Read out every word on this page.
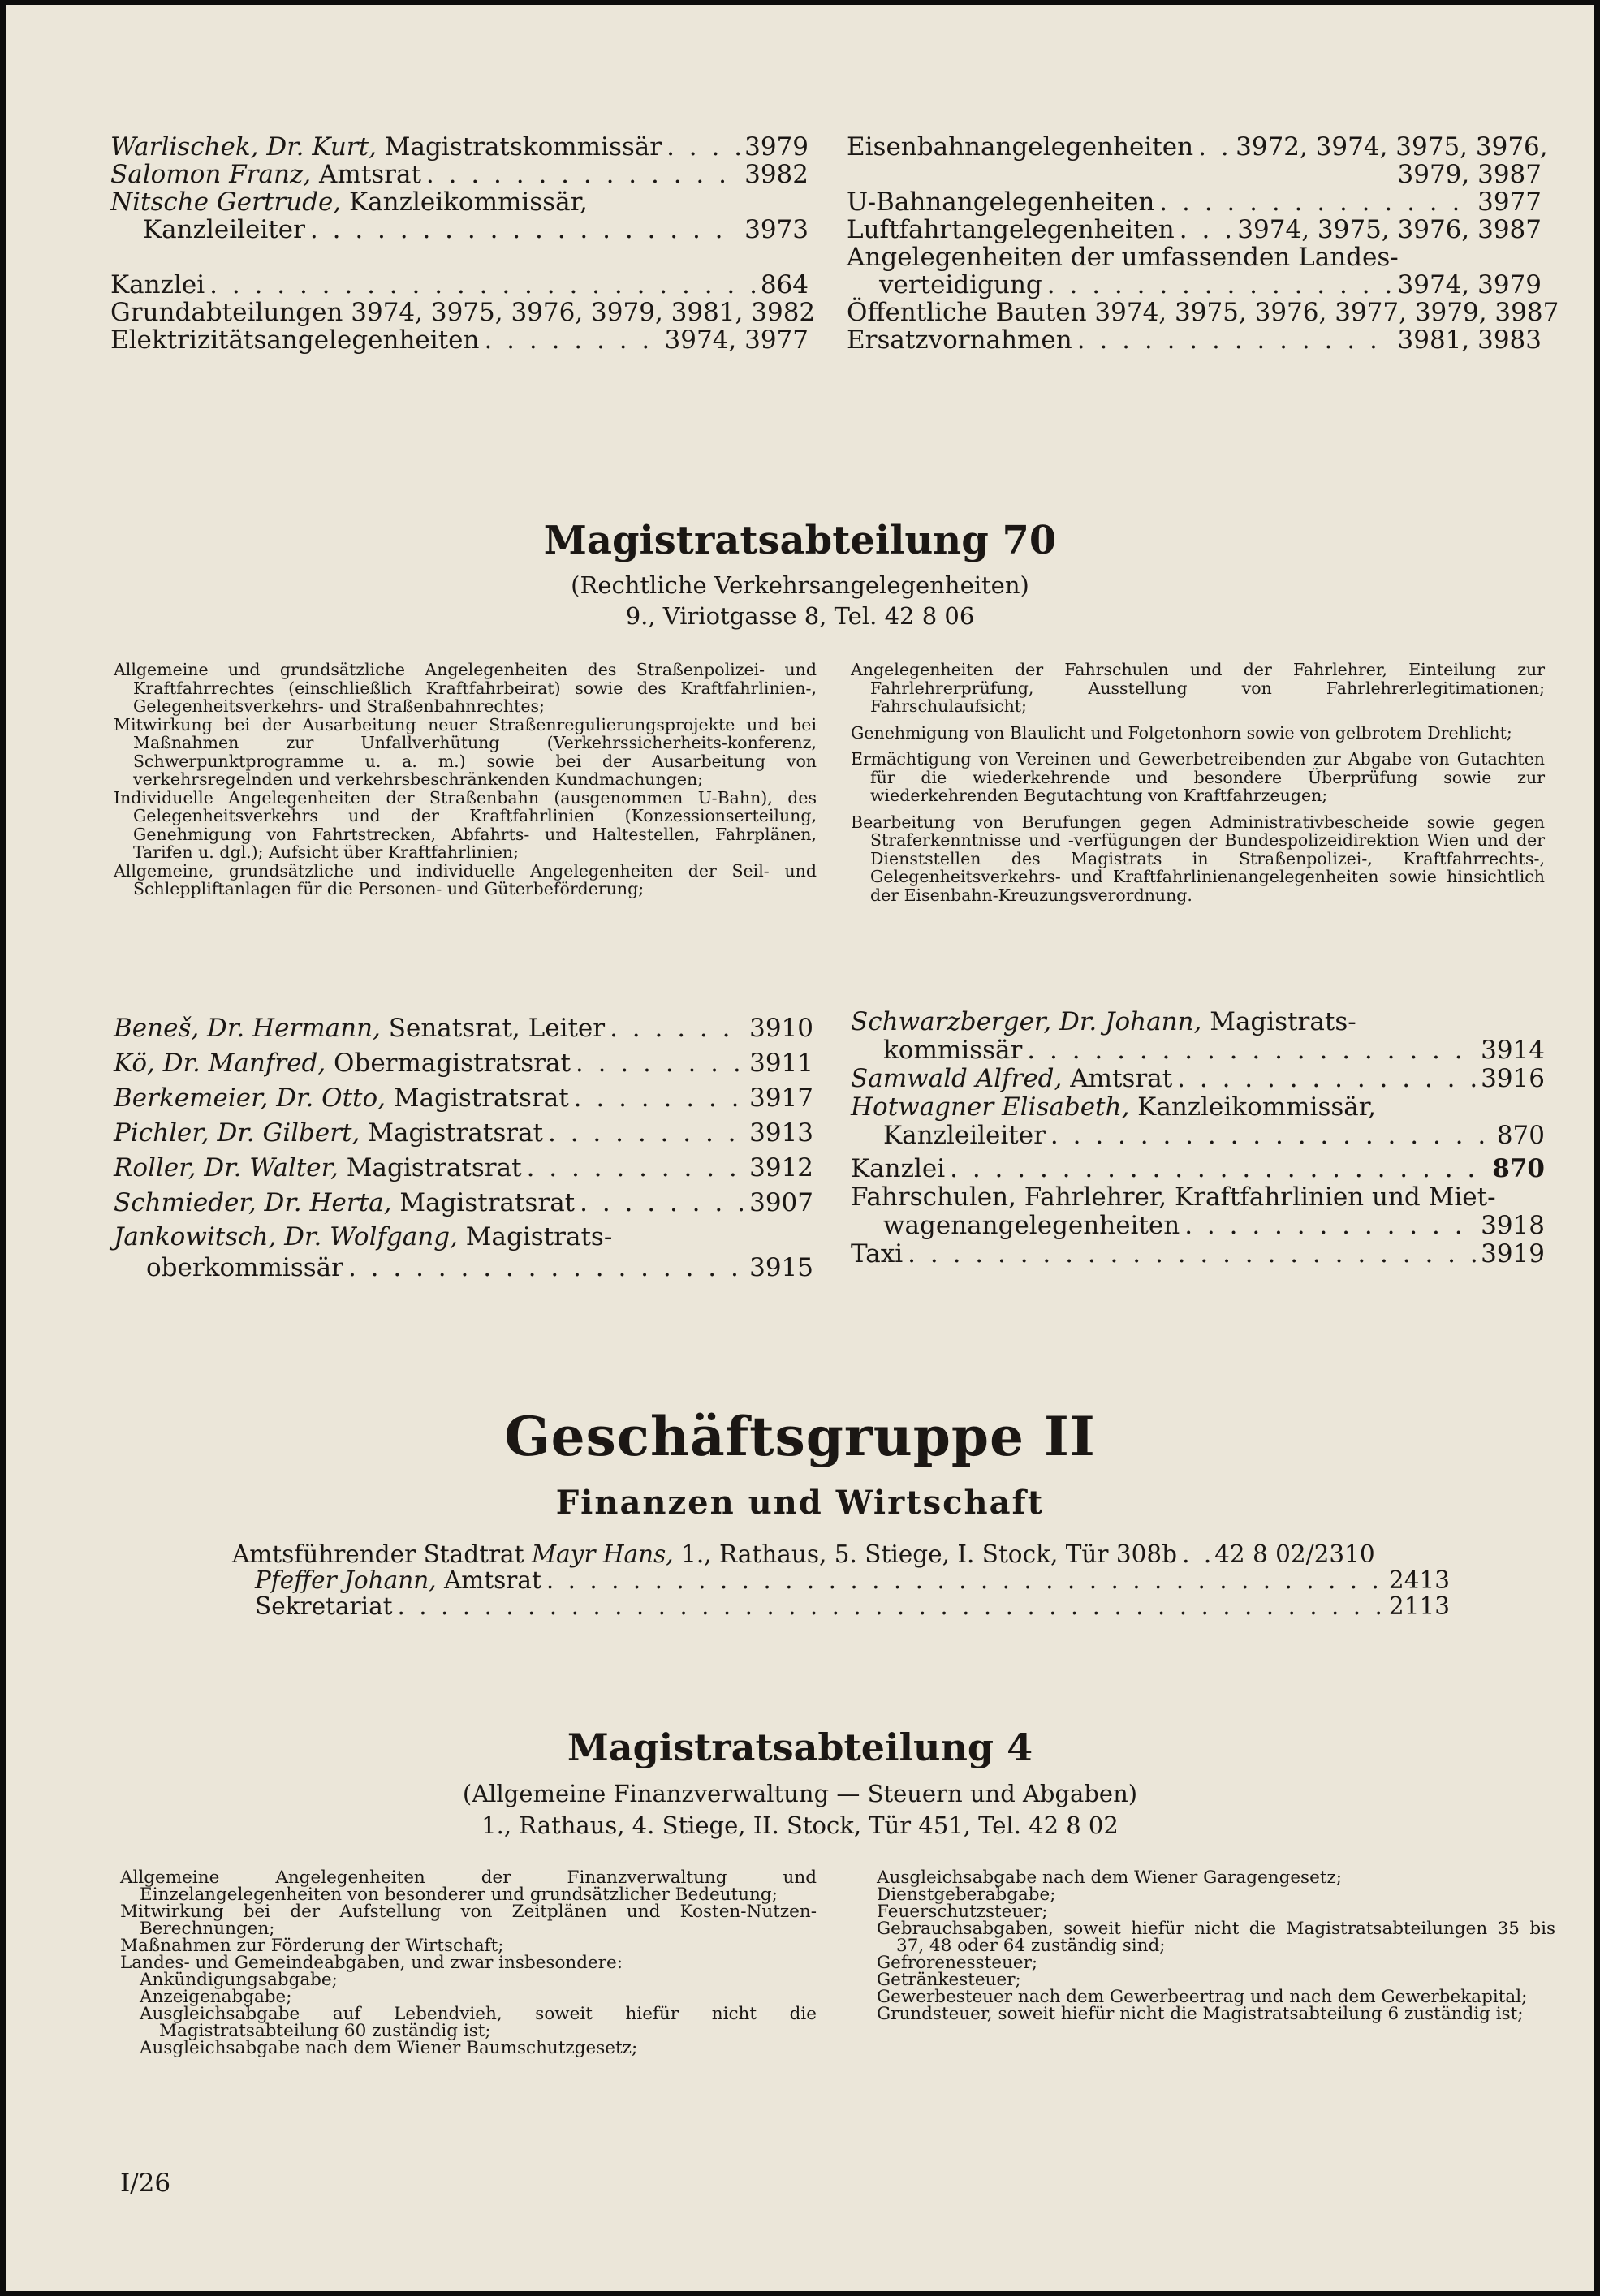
Warlischek, Dr. Kurt, Magistratskommissär . . .	3979
Salomon Franz, Amtsrat . . .	3982
Nitsche Gertrude, Kanzleikommissär,
Kanzleileiter . . .	3973
Kanzlei . . .	864
Grundabteilungen 3974, 3975, 3976, 3979, 3981, 3982
Elektrizitätsangelegenheiten . . .	3974, 3977
Eisenbahnangelegenheiten . . . 3972, 3974, 3975, 3976,
3979, 3987
U-Bahnangelegenheiten . . .	3977
Luftfahrtangelegenheiten . . .	3974, 3975, 3976, 3987
Angelegenheiten der umfassenden Landes-
verteidigung . . .	3974, 3979
Öffentliche Bauten 3974, 3975, 3976, 3977, 3979, 3987
Ersatzvornahmen . . .	3981, 3983
Magistratsabteilung 70
(Rechtliche Verkehrsangelegenheiten)
9., Viriotgasse 8, Tel. 42 8 06

Allgemeine und grundsätzliche Angelegenheiten des Straßenpolizei- und Kraftfahrrechtes (einschließlich Kraftfahrbeirat) sowie des Kraftfahrlinien-, Gelegenheitsverkehrs- und Straßenbahnrechtes;

Mitwirkung bei der Ausarbeitung neuer Straßenregulierungsprojekte und bei Maßnahmen zur Unfallverhütung (Verkehrssicherheits-konferenz, Schwerpunktprogramme u. a. m.) sowie bei der Ausarbeitung von verkehrsregelnden und verkehrsbeschränkenden Kundmachungen;

Individuelle Angelegenheiten der Straßenbahn (ausgenommen U-Bahn), des Gelegenheitsverkehrs und der Kraftfahrlinien (Konzessionserteilung, Genehmigung von Fahrtstrecken, Abfahrts- und Haltestellen, Fahrplänen, Tarifen u. dgl.); Aufsicht über Kraftfahrlinien;

Allgemeine, grundsätzliche und individuelle Angelegenheiten der Seil- und Schleppliftanlagen für die Personen- und Güterbeförderung;

Angelegenheiten der Fahrschulen und der Fahrlehrer, Einteilung zur Fahrlehrerprüfung, Ausstellung von Fahrlehrerlegitimationen; Fahrschulaufsicht;

Genehmigung von Blaulicht und Folgetonhorn sowie von gelbrotem Drehlicht;

Ermächtigung von Vereinen und Gewerbetreibenden zur Abgabe von Gutachten für die wiederkehrende und besondere Überprüfung sowie zur wiederkehrenden Begutachtung von Kraftfahrzeugen;

Bearbeitung von Berufungen gegen Administrativbescheide sowie gegen Straferkenntnisse und -verfügungen der Bundespolizeidirektion Wien und der Dienststellen des Magistrats in Straßenpolizei-, Kraftfahrrechts-, Gelegenheitsverkehrs- und Kraftfahrlinienangelegenheiten sowie hinsichtlich der Eisenbahn-Kreuzungsverordnung.

Beneš, Dr. Hermann, Senatsrat, Leiter . . .	3910
Kö, Dr. Manfred, Obermagistratsrat . . .	3911
Berkemeier, Dr. Otto, Magistratsrat . . .	3917
Pichler, Dr. Gilbert, Magistratsrat . . .	3913
Roller, Dr. Walter, Magistratsrat . . .	3912
Schmieder, Dr. Herta, Magistratsrat . . .	3907
Jankowitsch, Dr. Wolfgang, Magistrats-
oberkommissär . . .	3915
Schwarzberger, Dr. Johann, Magistrats-
kommissär . . .	3914
Samwald Alfred, Amtsrat . . .	3916
Hotwagner Elisabeth, Kanzleikommissär,
Kanzleileiter . . .	870
Kanzlei . . .	870
Fahrschulen, Fahrlehrer, Kraftfahrlinien und Miet-
wagenangelegenheiten . . .	3918
Taxi . . .	3919
Geschäftsgruppe II
Finanzen und Wirtschaft
Amtsführender Stadtrat Mayr Hans, 1., Rathaus, 5. Stiege, I. Stock, Tür 308b . . . 42 8 02/2310
Pfeffer Johann, Amtsrat . . .	2413
Sekretariat . . .	2113
Magistratsabteilung 4
(Allgemeine Finanzverwaltung — Steuern und Abgaben)
1., Rathaus, 4. Stiege, II. Stock, Tür 451, Tel. 42 8 02

Allgemeine Angelegenheiten der Finanzverwaltung und Einzelangelegenheiten von besonderer und grundsätzlicher Bedeutung;

Mitwirkung bei der Aufstellung von Zeitplänen und Kosten-Nutzen-Berechnungen;

Maßnahmen zur Förderung der Wirtschaft;

Landes- und Gemeindeabgaben, und zwar insbesondere:

Ankündigungsabgabe;

Anzeigenabgabe;

Ausgleichsabgabe auf Lebendvieh, soweit hiefür nicht die Magistratsabteilung 60 zuständig ist;

Ausgleichsabgabe nach dem Wiener Baumschutzgesetz;

Ausgleichsabgabe nach dem Wiener Garagengesetz;

Dienstgeberabgabe;

Feuerschutzsteuer;

Gebrauchsabgaben, soweit hiefür nicht die Magistratsabteilungen 35 bis 37, 48 oder 64 zuständig sind;

Gefrorenessteuer;

Getränkesteuer;

Gewerbesteuer nach dem Gewerbeertrag und nach dem Gewerbekapital;

Grundsteuer, soweit hiefür nicht die Magistratsabteilung 6 zuständig ist;

I/26
